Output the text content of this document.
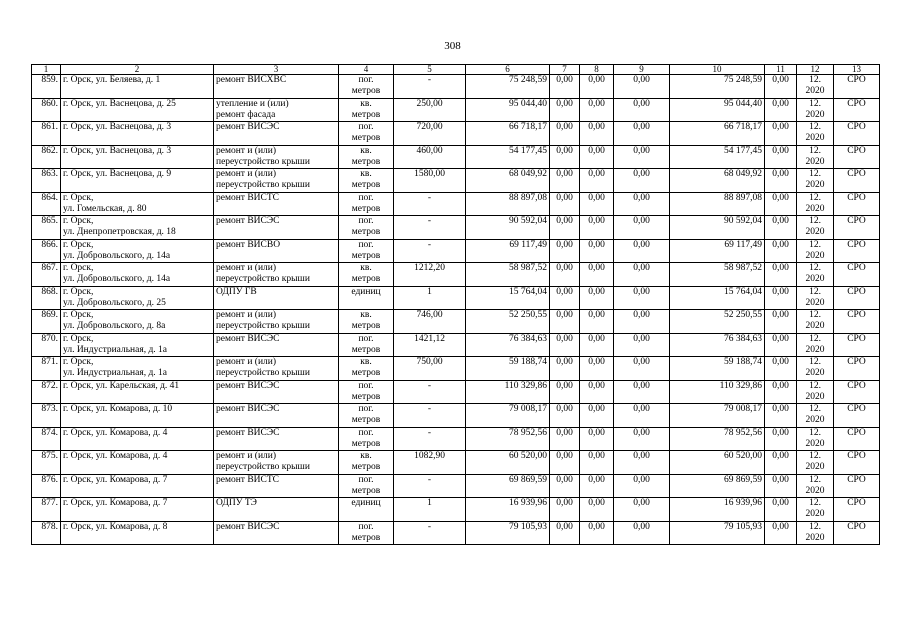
308
1	2	3	4	5	6	7	8	9	10	11	12	13
859.	г. Орск, ул. Беляева, д. 1	ремонт ВИСХВС	пог.
метров	-	75 248,59	0,00	0,00	0,00	75 248,59	0,00	12.
2020	СРО
860.	г. Орск, ул. Васнецова, д. 25	утепление и (или)
ремонт фасада	кв.
метров	250,00	95 044,40	0,00	0,00	0,00	95 044,40	0,00	12.
2020	СРО
861.	г. Орск, ул. Васнецова, д. 3	ремонт ВИСЭС	пог.
метров	720,00	66 718,17	0,00	0,00	0,00	66 718,17	0,00	12.
2020	СРО
862.	г. Орск, ул. Васнецова, д. 3	ремонт и (или)
переустройство крыши	кв.
метров	460,00	54 177,45	0,00	0,00	0,00	54 177,45	0,00	12.
2020	СРО
863.	г. Орск, ул. Васнецова, д. 9	ремонт и (или)
переустройство крыши	кв.
метров	1580,00	68 049,92	0,00	0,00	0,00	68 049,92	0,00	12.
2020	СРО
864.	г. Орск,
ул. Гомельская, д. 80	ремонт ВИСТС	пог.
метров	-	88 897,08	0,00	0,00	0,00	88 897,08	0,00	12.
2020	СРО
865.	г. Орск,
ул. Днепропетровская, д. 18	ремонт ВИСЭС	пог.
метров	-	90 592,04	0,00	0,00	0,00	90 592,04	0,00	12.
2020	СРО
866.	г. Орск,
ул. Добровольского, д. 14а	ремонт ВИСВО	пог.
метров	-	69 117,49	0,00	0,00	0,00	69 117,49	0,00	12.
2020	СРО
867.	г. Орск,
ул. Добровольского, д. 14а	ремонт и (или)
переустройство крыши	кв.
метров	1212,20	58 987,52	0,00	0,00	0,00	58 987,52	0,00	12.
2020	СРО
868.	г. Орск,
ул. Добровольского, д. 25	ОДПУ ГВ	единиц	1	15 764,04	0,00	0,00	0,00	15 764,04	0,00	12.
2020	СРО
869.	г. Орск,
ул. Добровольского, д. 8а	ремонт и (или)
переустройство крыши	кв.
метров	746,00	52 250,55	0,00	0,00	0,00	52 250,55	0,00	12.
2020	СРО
870.	г. Орск,
ул. Индустриальная, д. 1а	ремонт ВИСЭС	пог.
метров	1421,12	76 384,63	0,00	0,00	0,00	76 384,63	0,00	12.
2020	СРО
871.	г. Орск,
ул. Индустриальная, д. 1а	ремонт и (или)
переустройство крыши	кв.
метров	750,00	59 188,74	0,00	0,00	0,00	59 188,74	0,00	12.
2020	СРО
872.	г. Орск, ул. Карельская, д. 41	ремонт ВИСЭС	пог.
метров	-	110 329,86	0,00	0,00	0,00	110 329,86	0,00	12.
2020	СРО
873.	г. Орск, ул. Комарова, д. 10	ремонт ВИСЭС	пог.
метров	-	79 008,17	0,00	0,00	0,00	79 008,17	0,00	12.
2020	СРО
874.	г. Орск, ул. Комарова, д. 4	ремонт ВИСЭС	пог.
метров	-	78 952,56	0,00	0,00	0,00	78 952,56	0,00	12.
2020	СРО
875.	г. Орск, ул. Комарова, д. 4	ремонт и (или)
переустройство крыши	кв.
метров	1082,90	60 520,00	0,00	0,00	0,00	60 520,00	0,00	12.
2020	СРО
876.	г. Орск, ул. Комарова, д. 7	ремонт ВИСТС	пог.
метров	-	69 869,59	0,00	0,00	0,00	69 869,59	0,00	12.
2020	СРО
877.	г. Орск, ул. Комарова, д. 7	ОДПУ ТЭ	единиц	1	16 939,96	0,00	0,00	0,00	16 939,96	0,00	12.
2020	СРО
878.	г. Орск, ул. Комарова, д. 8	ремонт ВИСЭС	пог.
метров	-	79 105,93	0,00	0,00	0,00	79 105,93	0,00	12.
2020	СРО
